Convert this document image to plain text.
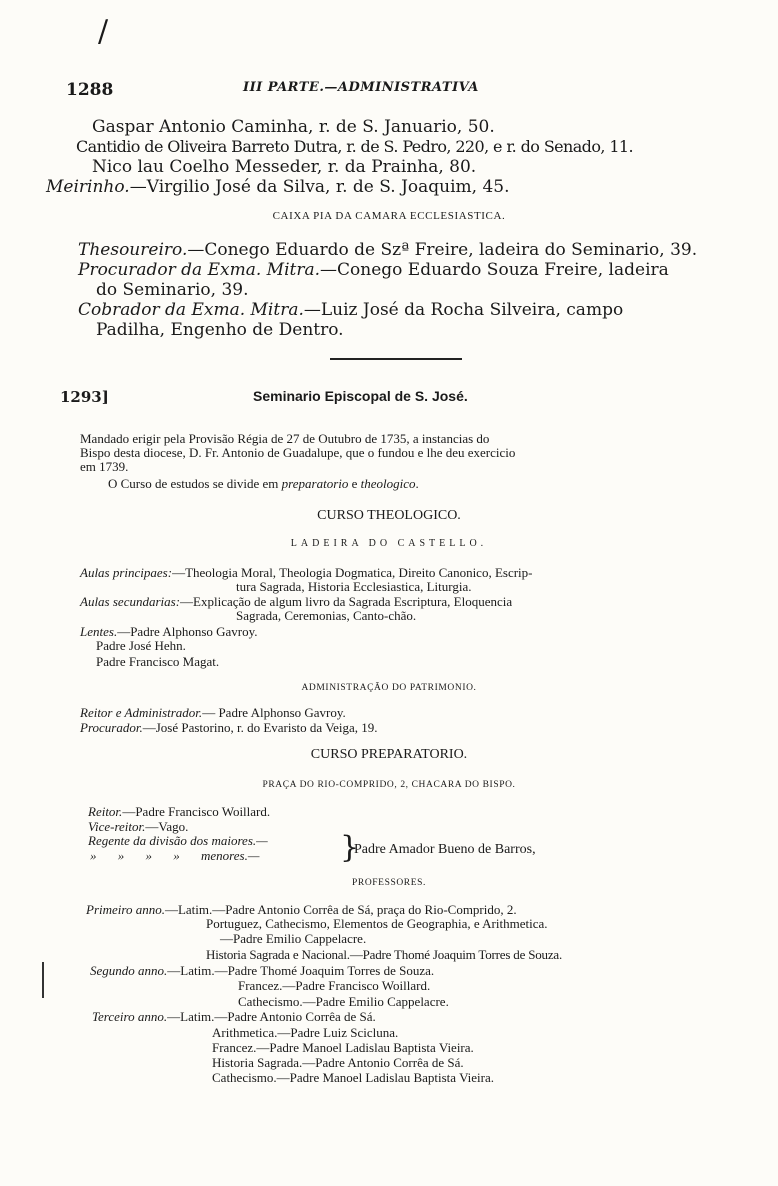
/
1288	III PARTE.—ADMINISTRATIVA
Gaspar Antonio Caminha, r. de S. Januario, 50.
Cantidio de Oliveira Barreto Dutra, r. de S. Pedro, 220, e r. do Senado, 11.
Nico lau Coelho Messeder, r. da Prainha, 80.
Meirinho.—Virgilio José da Silva, r. de S. Joaquim, 45.
CAIXA PIA DA CAMARA ECCLESIASTICA.
Thesoureiro.—Conego Eduardo de Szª Freire, ladeira do Seminario, 39.
Procurador da Exma. Mitra.—Conego Eduardo Souza Freire, ladeira
do Seminario, 39.
Cobrador da Exma. Mitra.—Luiz José da Rocha Silveira, campo
Padilha, Engenho de Dentro.
1293]	Seminario Episcopal de S. José.
Mandado erigir pela Provisão Régia de 27 de Outubro de 1735, a instancias do
Bispo desta diocese, D. Fr. Antonio de Guadalupe, que o fundou e lhe deu exercicio
em 1739.
O Curso de estudos se divide em preparatorio e theologico.
CURSO THEOLOGICO.
LADEIRA DO CASTELLO.
Aulas principaes:—Theologia Moral, Theologia Dogmatica, Direito Canonico, Escrip-
tura Sagrada, Historia Ecclesiastica, Liturgia.
Aulas secundarias:—Explicação de algum livro da Sagrada Escriptura, Eloquencia
Sagrada, Ceremonias, Canto-chão.
Lentes.—Padre Alphonso Gavroy.
Padre José Hehn.
Padre Francisco Magat.
ADMINISTRAÇÃO DO PATRIMONIO.
Reitor e Administrador.— Padre Alphonso Gavroy.
Procurador.—José Pastorino, r. do Evaristo da Veiga, 19.
CURSO PREPARATORIO.
PRAÇA DO RIO-COMPRIDO, 2, CHACARA DO BISPO.
Reitor.—Padre Francisco Woillard.
Vice-reitor.—Vago.
Regente da divisão dos maiores.—
» » » » menores.—	}
Padre Amador Bueno de Barros,
PROFESSORES.
Primeiro anno.—Latim.—Padre Antonio Corrêa de Sá, praça do Rio-Comprido, 2.
Portuguez, Cathecismo, Elementos de Geographia, e Arithmetica.
—Padre Emilio Cappelacre.
Historia Sagrada e Nacional.—Padre Thomé Joaquim Torres de Souza.
Segundo anno.—Latim.—Padre Thomé Joaquim Torres de Souza.
Francez.—Padre Francisco Woillard.
Cathecismo.—Padre Emilio Cappelacre.
Terceiro anno.—Latim.—Padre Antonio Corrêa de Sá.
Arithmetica.—Padre Luiz Scicluna.
Francez.—Padre Manoel Ladislau Baptista Vieira.
Historia Sagrada.—Padre Antonio Corrêa de Sá.
Cathecismo.—Padre Manoel Ladislau Baptista Vieira.
